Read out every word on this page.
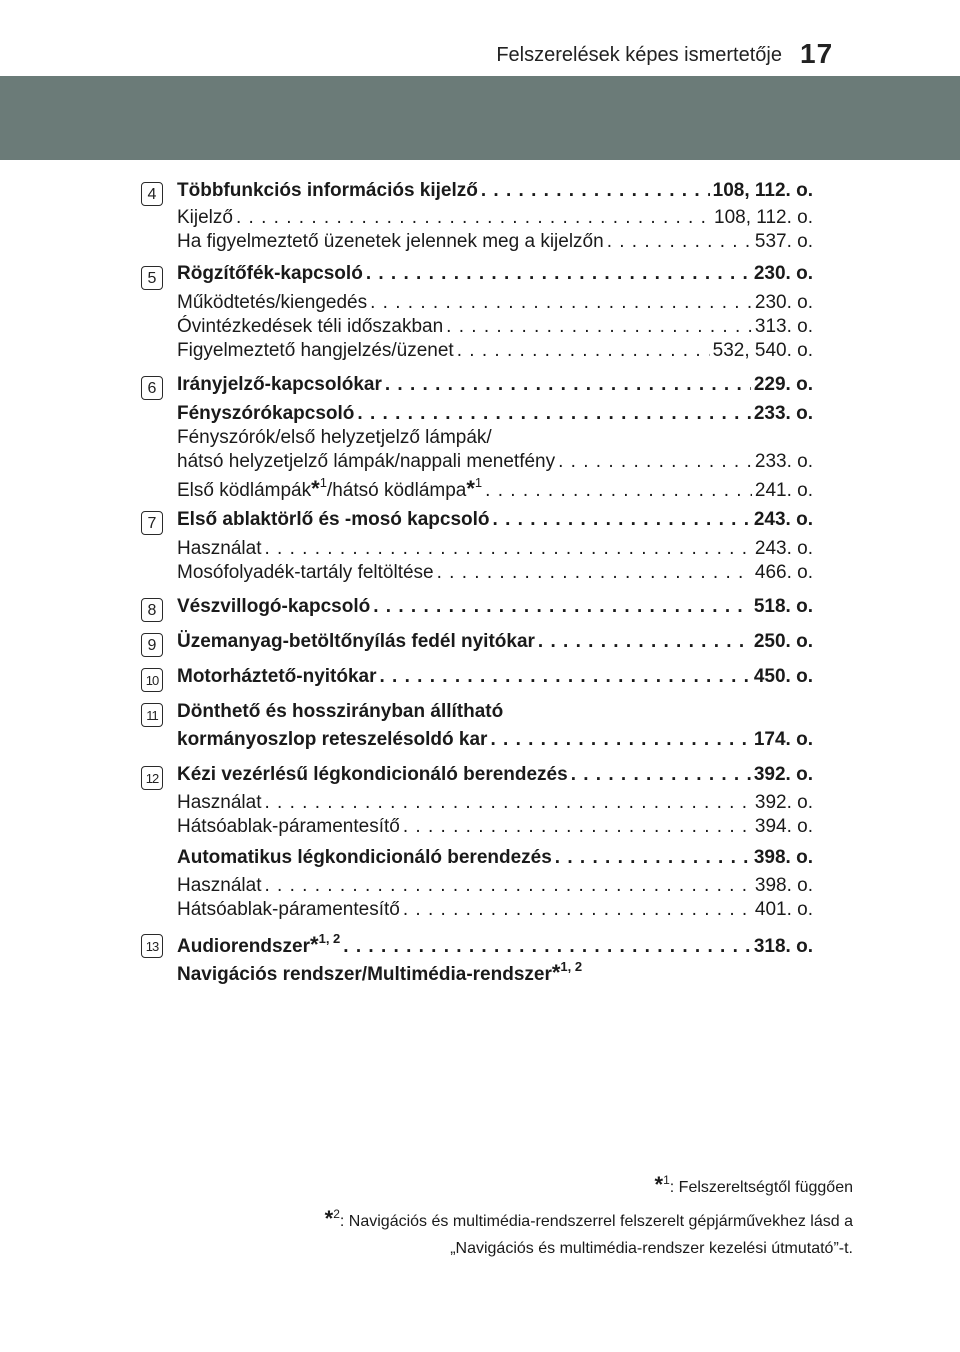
Felszerelések képes ismertetője 17
4	Többfunkciós információs kijelző . . .	108, 112. o.
Kijelző . . .	108, 112. o.
Ha figyelmeztető üzenetek jelennek meg a kijelzőn . . .	537. o.
5	Rögzítőfék-kapcsoló . . .	230. o.
Működtetés/kiengedés . . .	230. o.
Óvintézkedések téli időszakban . . .	313. o.
Figyelmeztető hangjelzés/üzenet . . .	532, 540. o.
6	Irányjelző-kapcsolókar . . .	229. o.
Fényszórókapcsoló . . .	233. o.
Fényszórók/első helyzetjelző lámpák/
hátsó helyzetjelző lámpák/nappali menetfény . . .	233. o.
Első ködlámpák*$^1$/hátsó ködlámpa*$^1$ . . .	241. o.
7	Első ablaktörlő és -mosó kapcsoló . . .	243. o.
Használat . . .	243. o.
Mosófolyadék-tartály feltöltése . . .	466. o.
8	Vészvillogó-kapcsoló . . .	518. o.
9	Üzemanyag-betöltőnyílás fedél nyitókar . . .	250. o.
10 Motorháztető-nyitókar . . .	450. o.
11 Dönthető és hosszirányban állítható
kormányoszlop reteszelésoldó kar . . .	174. o.
12 Kézi vezérlésű légkondicionáló berendezés . . .	392. o.
Használat . . .	392. o.
Hátsóablak-páramentesítő . . .	394. o.
Automatikus légkondicionáló berendezés . . .	398. o.
Használat . . .	398. o.
Hátsóablak-páramentesítő . . .	401. o.
13 Audiorendszer*$^{1, 2}$ . . .	318. o.
Navigációs rendszer/Multimédia-rendszer*$^{1, 2}$
*$^1$: Felszereltségtől függően
*$^2$: Navigációs és multimédia-rendszerrel felszerelt gépjárművekhez lásd a
„Navigációs és multimédia-rendszer kezelési útmutató”-t.
